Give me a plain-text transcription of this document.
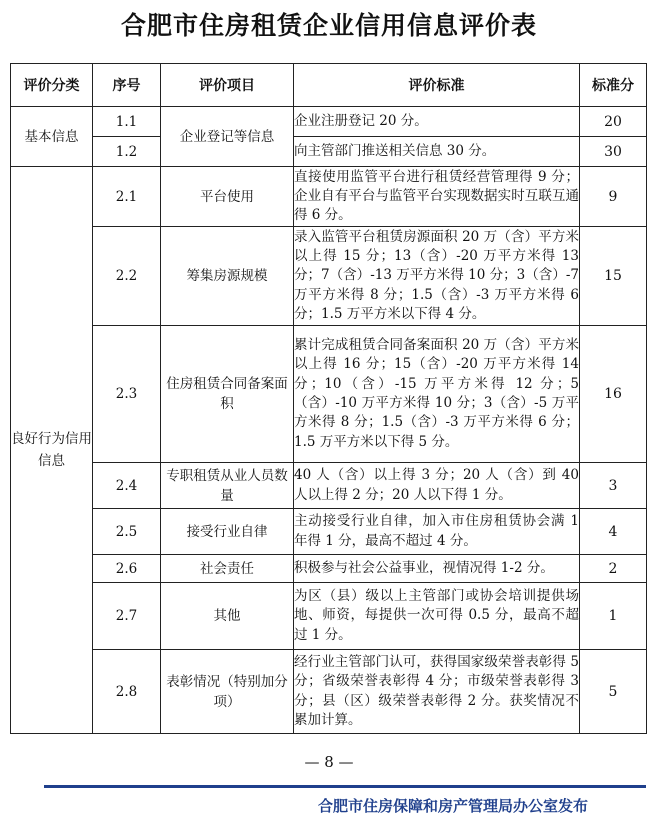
合肥市住房租赁企业信用信息评价表
评价分类	序号	评价项目	评价标准	标准分
基本信息	1.1	企业登记等信息	企业注册登记 20 分。	20
	1.2		向主管部门推送相关信息 30 分。	30
良好行为信用信息	2.1	平台使用	直接使用监管平台进行租赁经营管理得 9 分；企业自有平台与监管平台实现数据实时互联互通得 6 分。	9
	2.2	筹集房源规模	录入监管平台租赁房源面积 20 万（含）平方米以上得 15 分；13（含）-20 万平方米得 13 分；7（含）-13 万平方米得 10 分；3（含）-7 万平方米得 8 分；1.5（含）-3 万平方米得 6 分；1.5 万平方米以下得 4 分。	15
	2.3	住房租赁合同备案面积	累计完成租赁合同备案面积 20 万（含）平方米以上得 16 分；15（含）-20 万平方米得 14 分；10（含）-15 万平方米得 12 分；5（含）-10 万平方米得 10 分；3（含）-5 万平方米得 8 分；1.5（含）-3 万平方米得 6 分；1.5 万平方米以下得 5 分。	16
	2.4	专职租赁从业人员数量	40 人（含）以上得 3 分；20 人（含）到 40 人以上得 2 分；20 人以下得 1 分。	3
	2.5	接受行业自律	主动接受行业自律，加入市住房租赁协会满 1 年得 1 分，最高不超过 4 分。	4
	2.6	社会责任	积极参与社会公益事业，视情况得 1-2 分。	2
	2.7	其他	为区（县）级以上主管部门或协会培训提供场地、师资，每提供一次可得 0.5 分，最高不超过 1 分。	1
	2.8	表彰情况（特别加分项）	经行业主管部门认可，获得国家级荣誉表彰得 5 分；省级荣誉表彰得 4 分；市级荣誉表彰得 3 分；县（区）级荣誉表彰得 2 分。获奖情况不累加计算。	5
— 8 —
合肥市住房保障和房产管理局办公室发布
